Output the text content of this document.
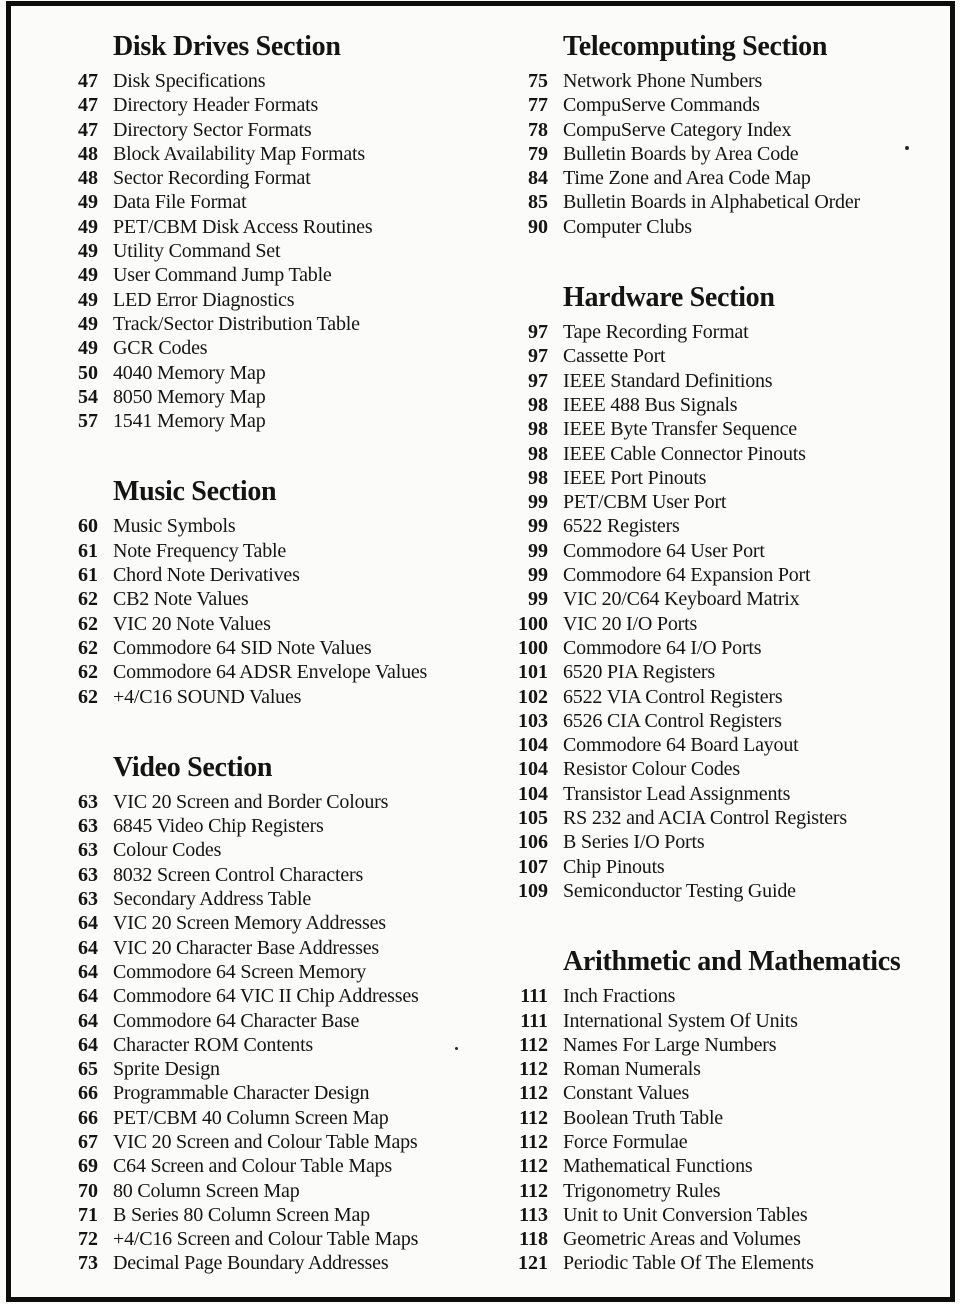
Disk Drives Section
47 Disk Specifications
47 Directory Header Formats
47 Directory Sector Formats
48 Block Availability Map Formats
48 Sector Recording Format
49 Data File Format
49 PET/CBM Disk Access Routines
49 Utility Command Set
49 User Command Jump Table
49 LED Error Diagnostics
49 Track/Sector Distribution Table
49 GCR Codes
50 4040 Memory Map
54 8050 Memory Map
57 1541 Memory Map
Music Section
60 Music Symbols
61 Note Frequency Table
61 Chord Note Derivatives
62 CB2 Note Values
62 VIC 20 Note Values
62 Commodore 64 SID Note Values
62 Commodore 64 ADSR Envelope Values
62 +4/C16 SOUND Values
Video Section
63 VIC 20 Screen and Border Colours
63 6845 Video Chip Registers
63 Colour Codes
63 8032 Screen Control Characters
63 Secondary Address Table
64 VIC 20 Screen Memory Addresses
64 VIC 20 Character Base Addresses
64 Commodore 64 Screen Memory
64 Commodore 64 VIC II Chip Addresses
64 Commodore 64 Character Base
64 Character ROM Contents
65 Sprite Design
66 Programmable Character Design
66 PET/CBM 40 Column Screen Map
67 VIC 20 Screen and Colour Table Maps
69 C64 Screen and Colour Table Maps
70 80 Column Screen Map
71 B Series 80 Column Screen Map
72 +4/C16 Screen and Colour Table Maps
73 Decimal Page Boundary Addresses
Telecomputing Section
75 Network Phone Numbers
77 CompuServe Commands
78 CompuServe Category Index
79 Bulletin Boards by Area Code
84 Time Zone and Area Code Map
85 Bulletin Boards in Alphabetical Order
90 Computer Clubs
Hardware Section
97 Tape Recording Format
97 Cassette Port
97 IEEE Standard Definitions
98 IEEE 488 Bus Signals
98 IEEE Byte Transfer Sequence
98 IEEE Cable Connector Pinouts
98 IEEE Port Pinouts
99 PET/CBM User Port
99 6522 Registers
99 Commodore 64 User Port
99 Commodore 64 Expansion Port
99 VIC 20/C64 Keyboard Matrix
100 VIC 20 I/O Ports
100 Commodore 64 I/O Ports
101 6520 PIA Registers
102 6522 VIA Control Registers
103 6526 CIA Control Registers
104 Commodore 64 Board Layout
104 Resistor Colour Codes
104 Transistor Lead Assignments
105 RS 232 and ACIA Control Registers
106 B Series I/O Ports
107 Chip Pinouts
109 Semiconductor Testing Guide
Arithmetic and Mathematics
111 Inch Fractions
111 International System Of Units
112 Names For Large Numbers
112 Roman Numerals
112 Constant Values
112 Boolean Truth Table
112 Force Formulae
112 Mathematical Functions
112 Trigonometry Rules
113 Unit to Unit Conversion Tables
118 Geometric Areas and Volumes
121 Periodic Table Of The Elements
